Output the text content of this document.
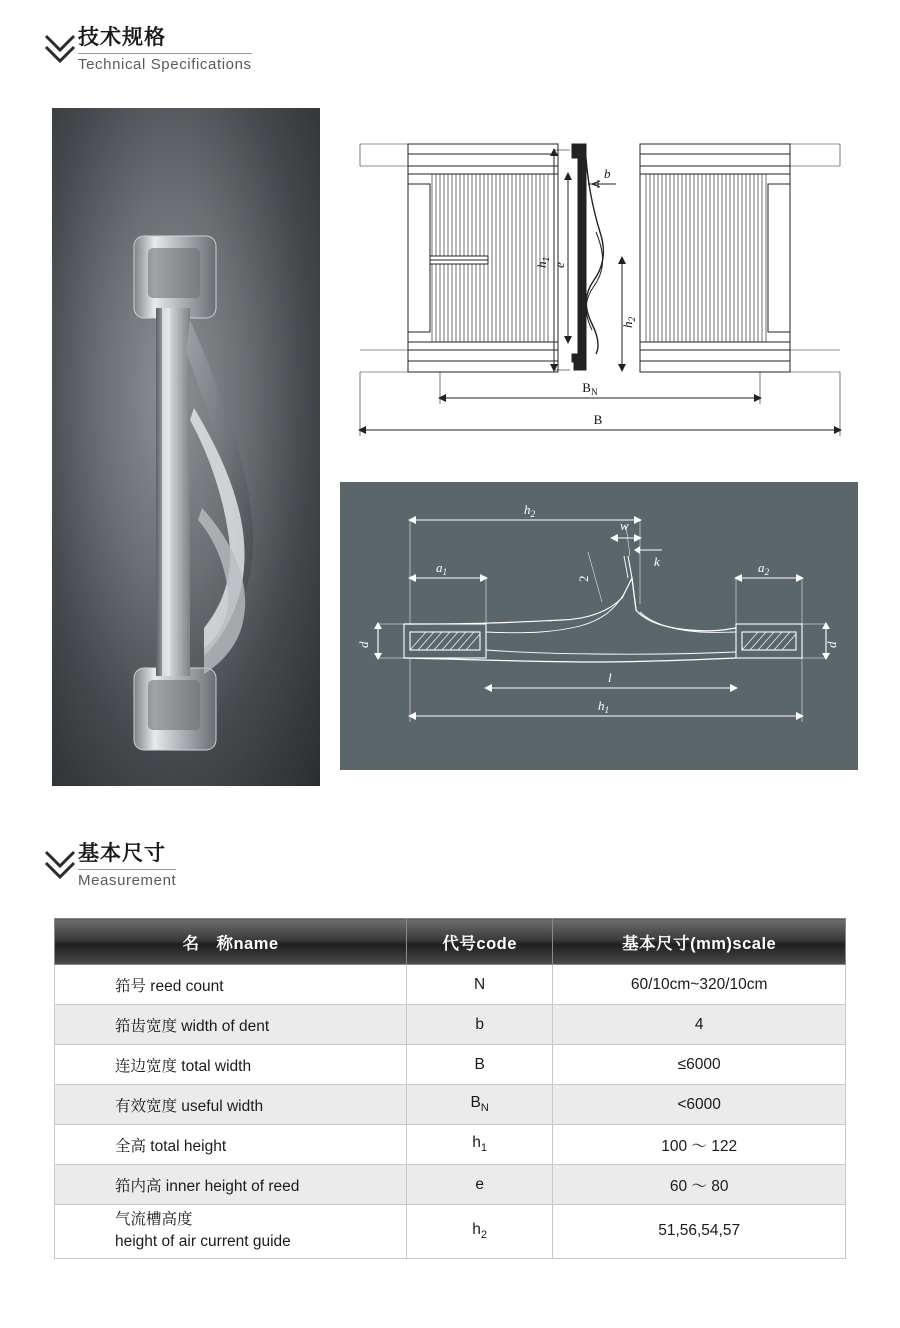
技术规格
Technical Specifications
b
$h_1$
e
$h_2$
$B_N$
B
$h_2$
w
k
$a_1$	$a_2$
d	d
2
l
$h_1$
基本尺寸
Measurement
名　称name	代号code	基本尺寸(mm)scale
筘号 reed count	N	60/10cm~320/10cm
筘齿宽度 width of dent	b	4
连边宽度 total width	B	≤6000
有效宽度 useful width	$B_N$	<6000
全高 total height	$h_1$	100 ～ 122
筘内高 inner height of reed	e	60 ～ 80
气流槽高度
height of air current guide	$h_2$	51,56,54,57
